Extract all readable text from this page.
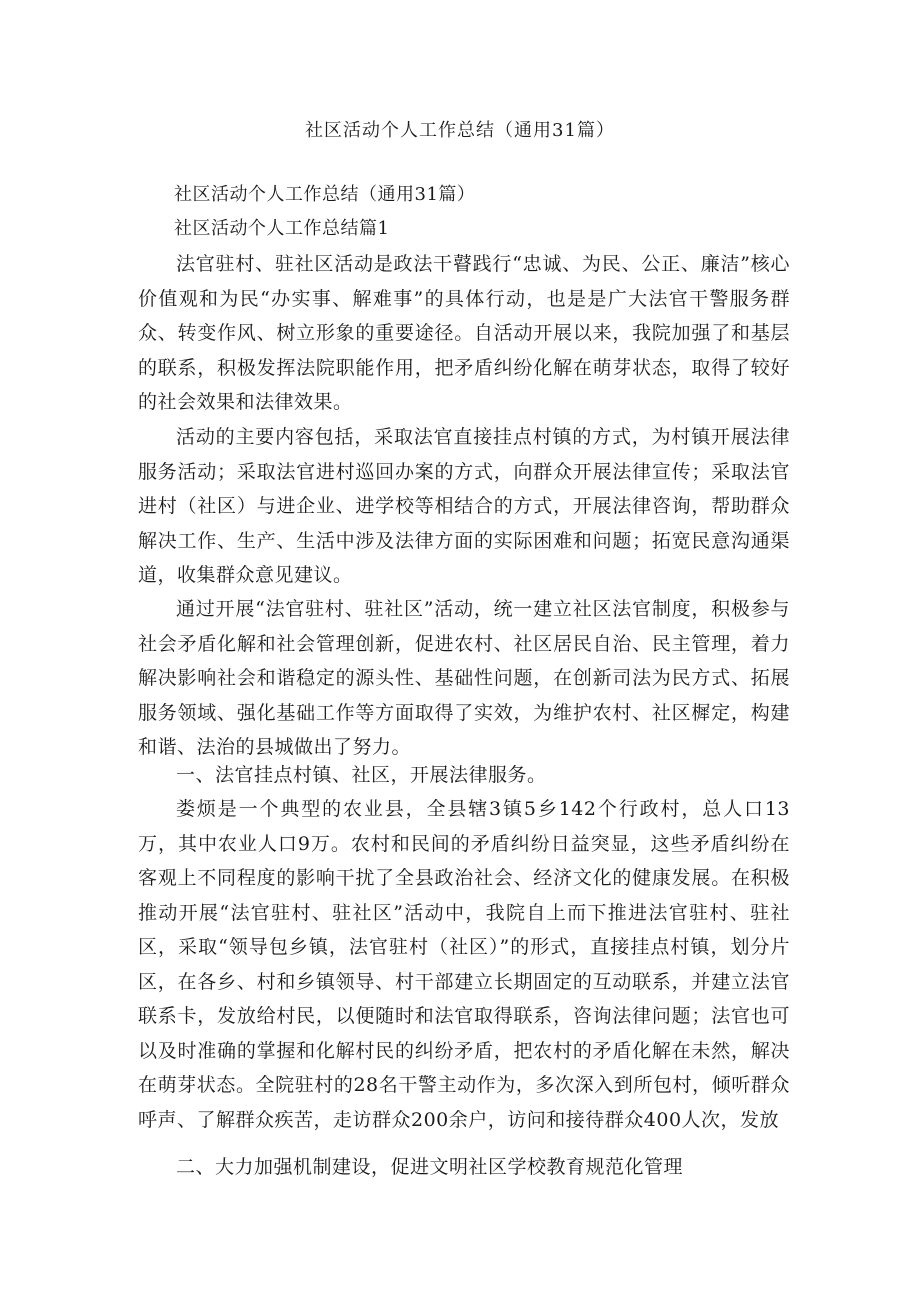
社区活动个人工作总结（通用31篇）

社区活动个人工作总结（通用31篇）

社区活动个人工作总结篇1

法官驻村、驻社区活动是政法干瞽践行“忠诚、为民、公正、廉洁”核心价值观和为民“办实事、解难事”的具体行动，也是是广大法官干警服务群众、转变作风、树立形象的重要途径。自活动开展以来，我院加强了和基层的联系，积极发挥法院职能作用，把矛盾纠纷化解在萌芽状态，取得了较好的社会效果和法律效果。

活动的主要内容包括，采取法官直接挂点村镇的方式，为村镇开展法律服务活动；采取法官进村巡回办案的方式，向群众开展法律宣传；采取法官进村（社区）与进企业、进学校等相结合的方式，开展法律咨询，帮助群众解决工作、生产、生活中涉及法律方面的实际困难和问题；拓宽民意沟通渠道，收集群众意见建议。

通过开展“法官驻村、驻社区”活动，统一建立社区法官制度，积极参与社会矛盾化解和社会管理创新，促进农村、社区居民自治、民主管理，着力解决影响社会和谐稳定的源头性、基础性问题，在创新司法为民方式、拓展服务领域、强化基础工作等方面取得了实效，为维护农村、社区樨定，构建和谐、法治的县城做出了努力。

一、法官挂点村镇、社区，开展法律服务。

娄烦是一个典型的农业县，全县辖3镇5乡142个行政村，总人口13万，其中农业人口9万。农村和民间的矛盾纠纷日益突显，这些矛盾纠纷在客观上不同程度的影响干扰了全县政治社会、经济文化的健康发展。在积极推动开展“法官驻村、驻社区”活动中，我院自上而下推进法官驻村、驻社区，采取“领导包乡镇，法官驻村（社区）”的形式，直接挂点村镇，划分片区，在各乡、村和乡镇领导、村干部建立长期固定的互动联系，并建立法官联系卡，发放给村民，以便随时和法官取得联系，咨询法律问题；法官也可以及时准确的掌握和化解村民的纠纷矛盾，把农村的矛盾化解在未然，解决在萌芽状态。全院驻村的28名干警主动作为，多次深入到所包村，倾听群众呼声、了解群众疾苦，走访群众200余户，访问和接待群众400人次，发放

二、大力加强机制建设，促进文明社区学校教育规范化管理
